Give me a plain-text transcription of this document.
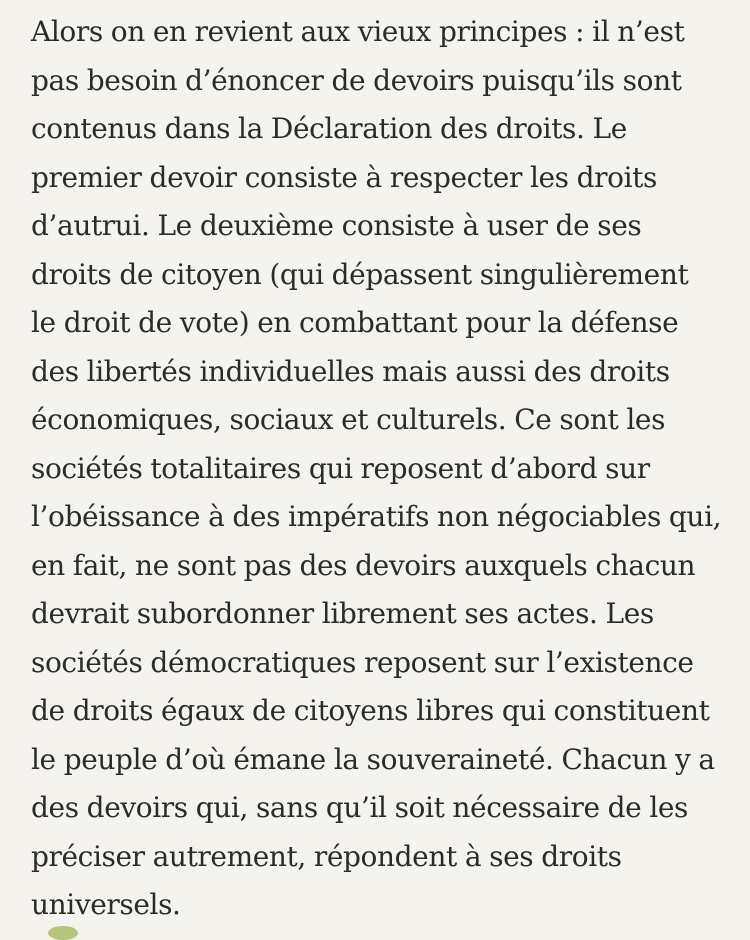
Alors on en revient aux vieux principes : il n’est
pas besoin d’énoncer de devoirs puisqu’ils sont
contenus dans la Déclaration des droits. Le
premier devoir consiste à respecter les droits
d’autrui. Le deuxième consiste à user de ses
droits de citoyen (qui dépassent singulièrement
le droit de vote) en combattant pour la défense
des libertés individuelles mais aussi des droits
économiques, sociaux et culturels. Ce sont les
sociétés totalitaires qui reposent d’abord sur
l’obéissance à des impératifs non négociables qui,
en fait, ne sont pas des devoirs auxquels chacun
devrait subordonner librement ses actes. Les
sociétés démocratiques reposent sur l’existence
de droits égaux de citoyens libres qui constituent
le peuple d’où émane la souveraineté. Chacun y a
des devoirs qui, sans qu’il soit nécessaire de les
préciser autrement, répondent à ses droits
universels.
